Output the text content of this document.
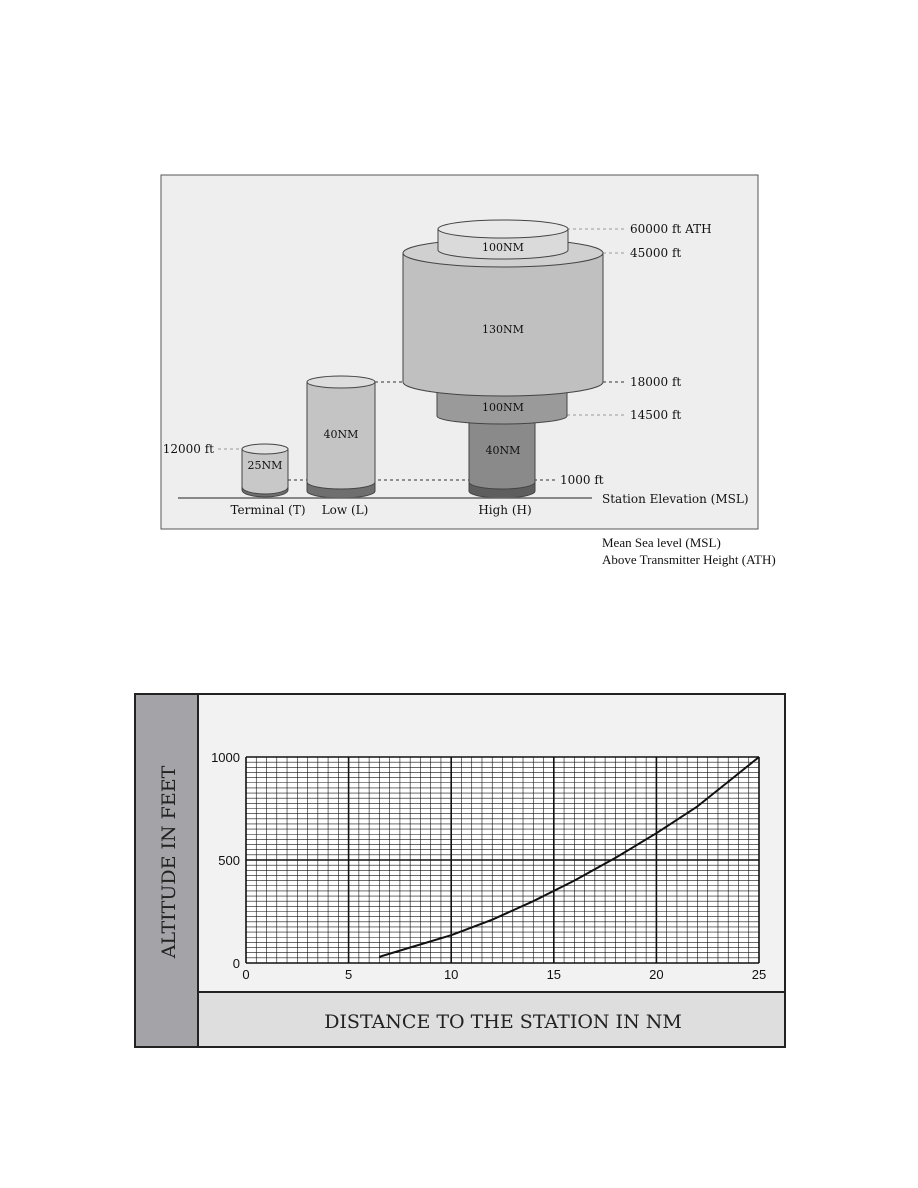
25NM
40NM
100NM
130NM
100NM
40NM
60000 ft ATH
45000 ft
18000 ft
14500 ft
12000 ft
1000 ft
Station Elevation (MSL)
Terminal (T) Low (L)	High (H)
Mean Sea level (MSL)
Above Transmitter Height (ATH)
ALTITUDE IN FEET
DISTANCE TO THE STATION IN NM
0	5	10	15	20	25
0
500
1000
